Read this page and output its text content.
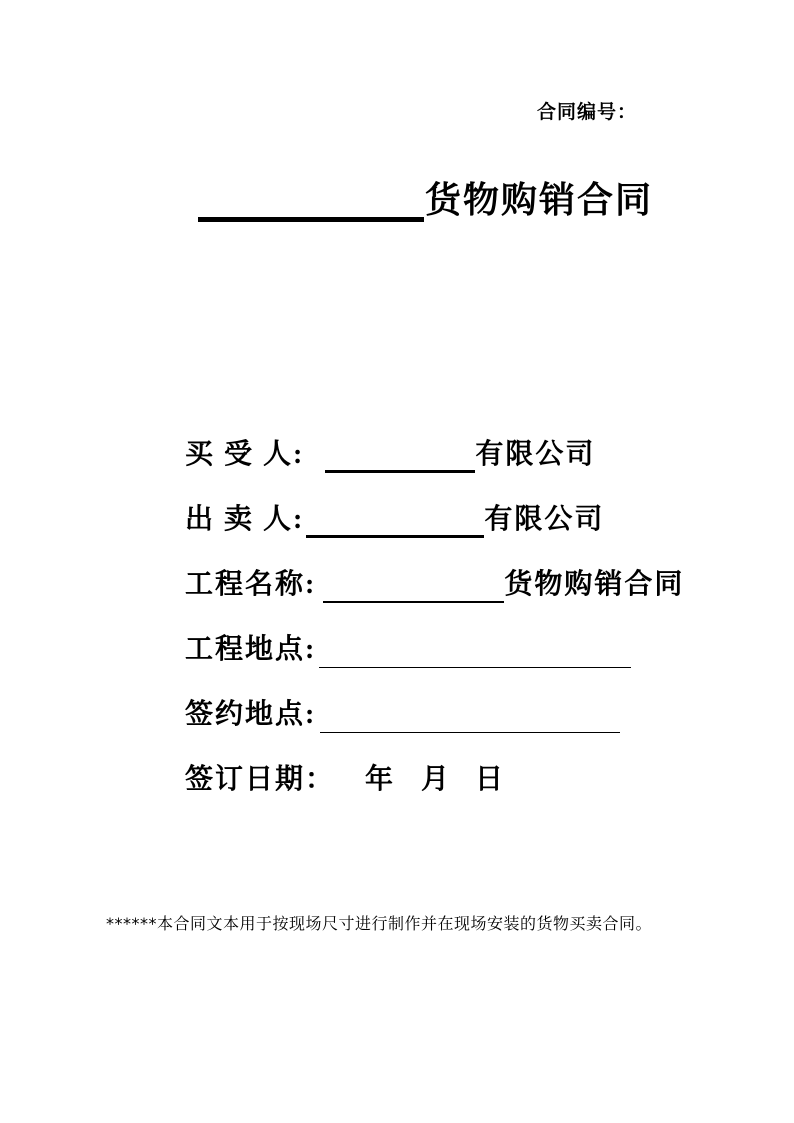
合同编号：
货物购销合同
买 受 人:	有限公司
出 卖 人:	有限公司
工程名称:	货物购销合同
工程地点:
签约地点:
签订日期： 年 月 日
******本合同文本用于按现场尺寸进行制作并在现场安装的货物买卖合同。
